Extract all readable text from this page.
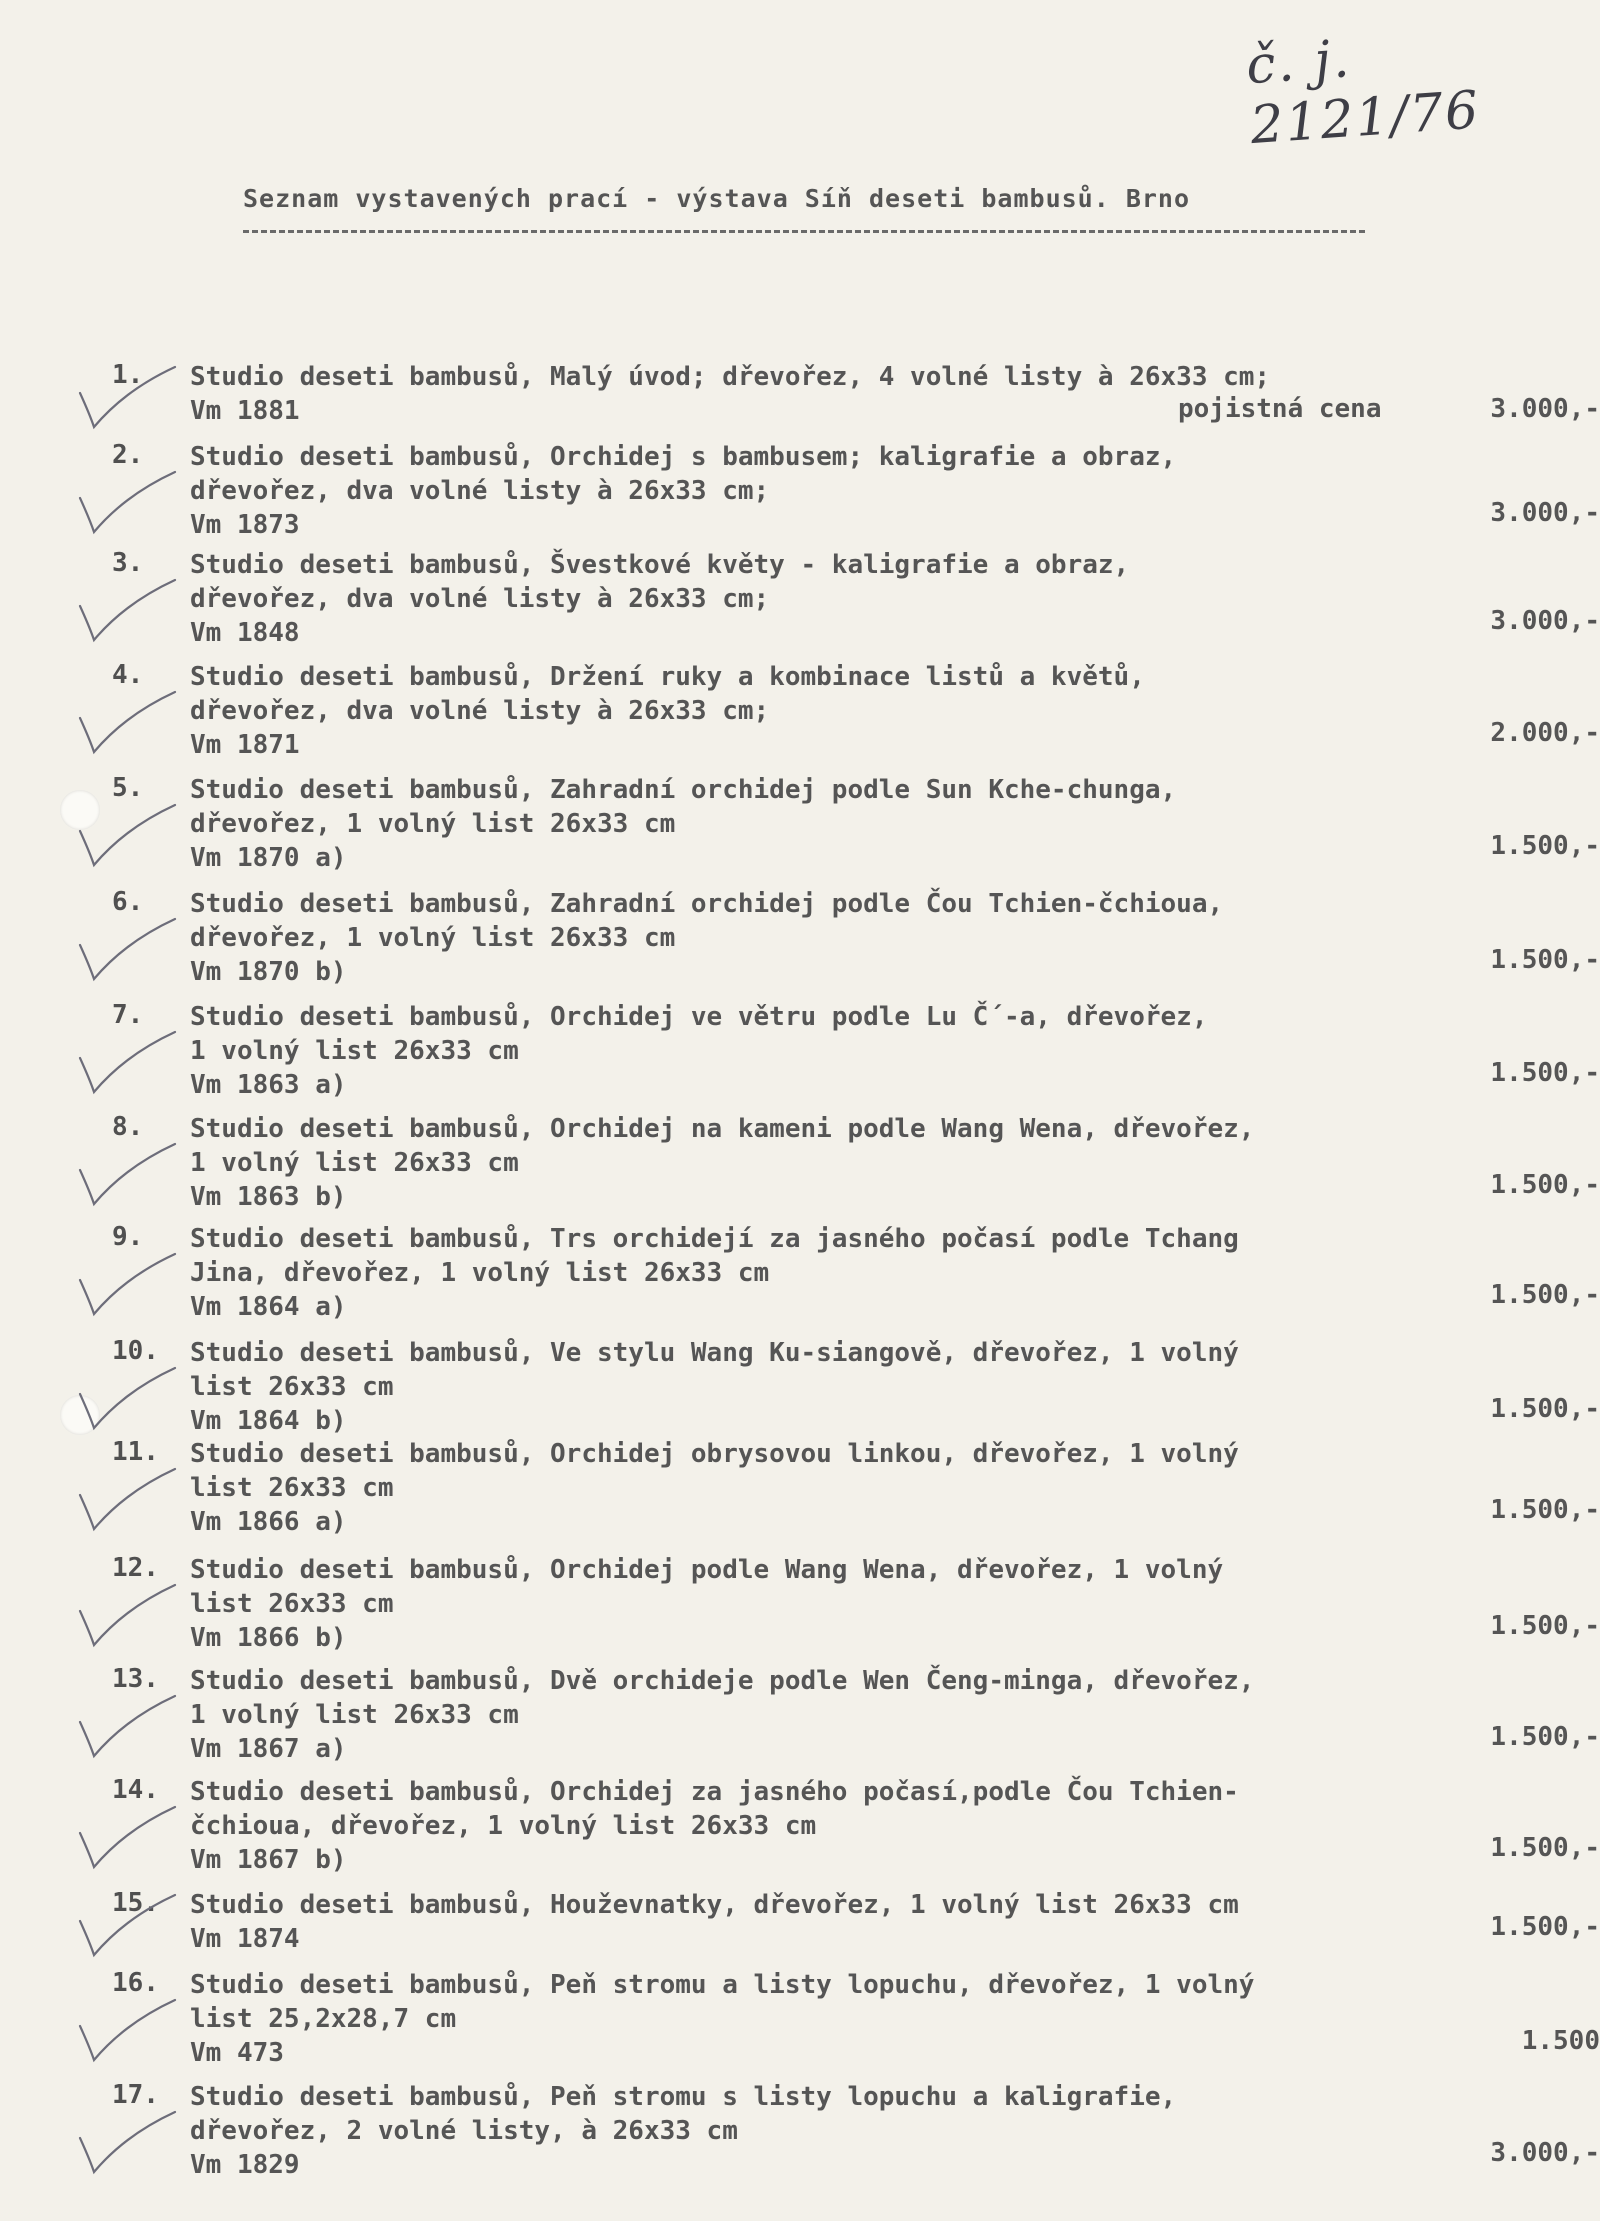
č. j. 2121/76
Seznam vystavených prací - výstava Síň deseti bambusů. Brno
1.	Studio deseti bambusů, Malý úvod; dřevořez, 4 volné listy à 26x33 cm;
Vm 1881	pojistná cena	3.000,-
2.	Studio deseti bambusů, Orchidej s bambusem; kaligrafie a obraz,
dřevořez, dva volné listy à 26x33 cm;
Vm 1873	3.000,-
3.	Studio deseti bambusů, Švestkové květy - kaligrafie a obraz,
dřevořez, dva volné listy à 26x33 cm;
Vm 1848	3.000,-
4.	Studio deseti bambusů, Držení ruky a kombinace listů a květů,
dřevořez, dva volné listy à 26x33 cm;
Vm 1871	2.000,-
5.	Studio deseti bambusů, Zahradní orchidej podle Sun Kche-chunga,
dřevořez, 1 volný list 26x33 cm
Vm 1870 a)	1.500,-
6.	Studio deseti bambusů, Zahradní orchidej podle Čou Tchien-čchioua,
dřevořez, 1 volný list 26x33 cm
Vm 1870 b)	1.500,-
7.	Studio deseti bambusů, Orchidej ve větru podle Lu Č´-a, dřevořez,
1 volný list 26x33 cm
Vm 1863 a)	1.500,-
8.	Studio deseti bambusů, Orchidej na kameni podle Wang Wena, dřevořez,
1 volný list 26x33 cm
Vm 1863 b)	1.500,-
9.	Studio deseti bambusů, Trs orchidejí za jasného počasí podle Tchang
Jina, dřevořez, 1 volný list 26x33 cm
Vm 1864 a)	1.500,-
10.	Studio deseti bambusů, Ve stylu Wang Ku-siangově, dřevořez, 1 volný
list 26x33 cm
Vm 1864 b)	1.500,-
11.	Studio deseti bambusů, Orchidej obrysovou linkou, dřevořez, 1 volný
list 26x33 cm
Vm 1866 a)	1.500,-
12.	Studio deseti bambusů, Orchidej podle Wang Wena, dřevořez, 1 volný
list 26x33 cm
Vm 1866 b)	1.500,-
13.	Studio deseti bambusů, Dvě orchideje podle Wen Čeng-minga, dřevořez,
1 volný list 26x33 cm
Vm 1867 a)	1.500,-
14.	Studio deseti bambusů, Orchidej za jasného počasí,podle Čou Tchien-
čchioua, dřevořez, 1 volný list 26x33 cm
Vm 1867 b)	1.500,-
15.	Studio deseti bambusů, Houževnatky, dřevořez, 1 volný list 26x33 cm
Vm 1874	1.500,-
16.	Studio deseti bambusů, Peň stromu a listy lopuchu, dřevořez, 1 volný
list 25,2x28,7 cm
Vm 473	1.500
17.	Studio deseti bambusů, Peň stromu s listy lopuchu a kaligrafie,
dřevořez, 2 volné listy, à 26x33 cm
Vm 1829	3.000,-
